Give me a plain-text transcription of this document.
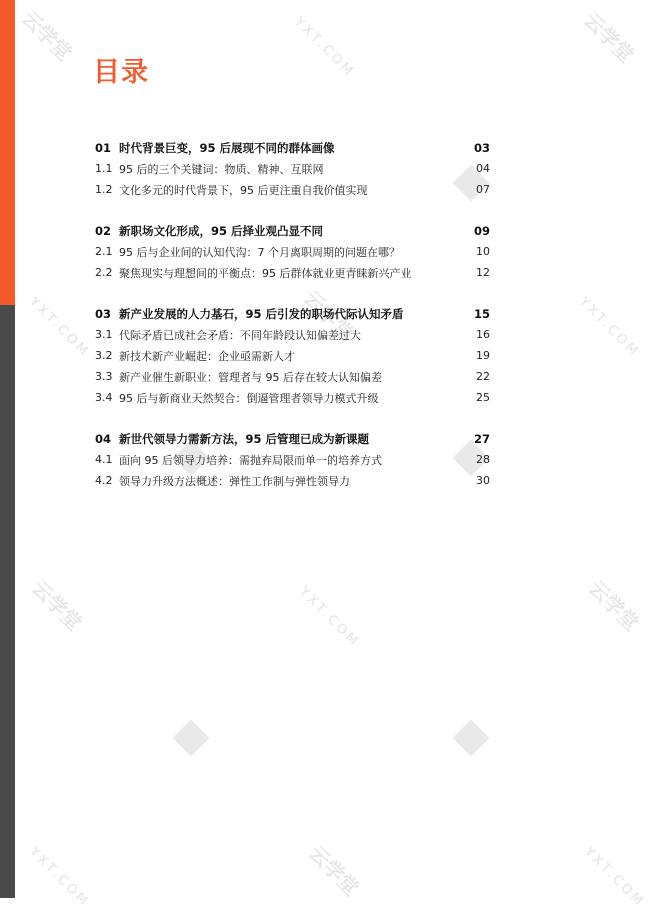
云学堂	云学堂
YXT.COM
YXT.COM	YXT.COM
云学堂
云学堂	云学堂
YXT.COM
云学堂
YXT.COM	YXT.COM
目录
01 时代背景巨变，95 后展现不同的群体画像	03
1.1 95 后的三个关键词：物质、精神、互联网	04
1.2 文化多元的时代背景下，95 后更注重自我价值实现	07
02 新职场文化形成，95 后择业观凸显不同	09
2.1 95 后与企业间的认知代沟：7 个月离职周期的问题在哪？	10
2.2 聚焦现实与理想间的平衡点：95 后群体就业更青睐新兴产业	12
03 新产业发展的人力基石，95 后引发的职场代际认知矛盾	15
3.1 代际矛盾已成社会矛盾：不同年龄段认知偏差过大	16
3.2 新技术新产业崛起：企业亟需新人才	19
3.3 新产业催生新职业：管理者与 95 后存在较大认知偏差	22
3.4 95 后与新商业天然契合：倒逼管理者领导力模式升级	25
04 新世代领导力需新方法，95 后管理已成为新课题	27
4.1 面向 95 后领导力培养：需抛弃局限而单一的培养方式	28
4.2 领导力升级方法概述：弹性工作制与弹性领导力	30
